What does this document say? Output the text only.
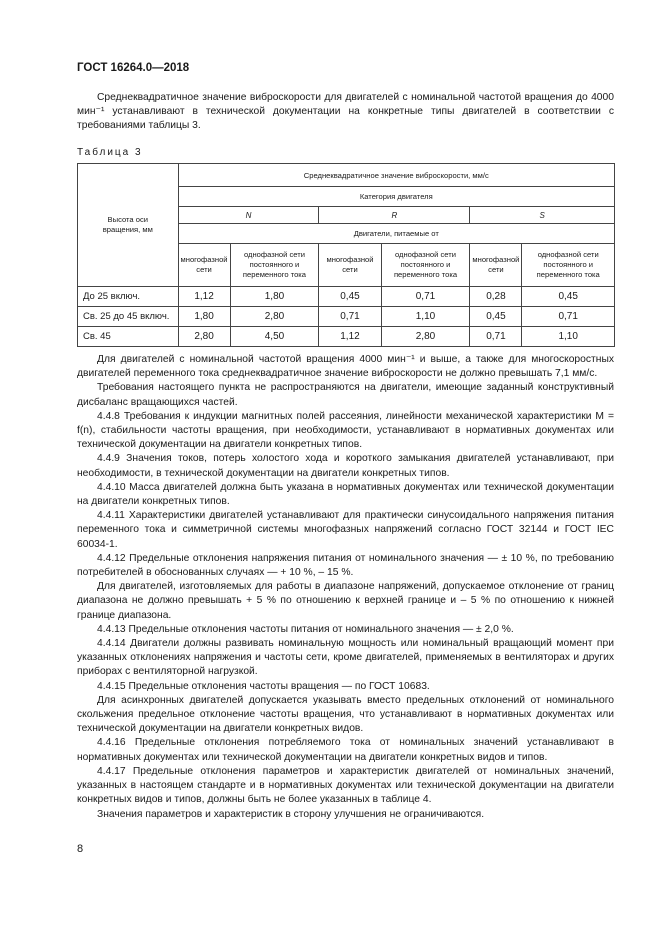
ГОСТ 16264.0—2018

Среднеквадратичное значение виброскорости для двигателей с номинальной частотой вращения до 4000 мин⁻¹ устанавливают в технической документации на конкретные типы двигателей в соответствии с требованиями таблицы 3.

Таблица 3
Высота оси вращения, мм	Среднеквадратичное значение виброскорости, мм/с					
	Категория двигателя					
	N		R		S	
	Двигатели, питаемые от					
	многофазной сети	однофазной сети постоянного и переменного тока	многофазной сети	однофазной сети постоянного и переменного тока	многофазной сети	однофазной сети постоянного и переменного тока
До 25 включ.	1,12	1,80	0,45	0,71	0,28	0,45
Св. 25 до 45 включ.	1,80	2,80	0,71	1,10	0,45	0,71
Св. 45	2,80	4,50	1,12	2,80	0,71	1,10

Для двигателей с номинальной частотой вращения 4000 мин⁻¹ и выше, а также для многоскоростных двигателей переменного тока среднеквадратичное значение виброскорости не должно превышать 7,1 мм/с.

Требования настоящего пункта не распространяются на двигатели, имеющие заданный конструктивный дисбаланс вращающихся частей.

4.4.8 Требования к индукции магнитных полей рассеяния, линейности механической характеристики M = f(n), стабильности частоты вращения, при необходимости, устанавливают в нормативных документах или технической документации на двигатели конкретных типов.

4.4.9 Значения токов, потерь холостого хода и короткого замыкания двигателей устанавливают, при необходимости, в технической документации на двигатели конкретных типов.

4.4.10 Масса двигателей должна быть указана в нормативных документах или технической документации на двигатели конкретных типов.

4.4.11 Характеристики двигателей устанавливают для практически синусоидального напряжения питания переменного тока и симметричной системы многофазных напряжений согласно ГОСТ 32144 и ГОСТ IEC 60034-1.

4.4.12 Предельные отклонения напряжения питания от номинального значения — ± 10 %, по требованию потребителей в обоснованных случаях — + 10 %, – 15 %.

Для двигателей, изготовляемых для работы в диапазоне напряжений, допускаемое отклонение от границ диапазона не должно превышать + 5 % по отношению к верхней границе и – 5 % по отношению к нижней границе диапазона.

4.4.13 Предельные отклонения частоты питания от номинального значения — ± 2,0 %.

4.4.14 Двигатели должны развивать номинальную мощность или номинальный вращающий момент при указанных отклонениях напряжения и частоты сети, кроме двигателей, применяемых в вентиляторах и других приборах с вентиляторной нагрузкой.

4.4.15 Предельные отклонения частоты вращения — по ГОСТ 10683.

Для асинхронных двигателей допускается указывать вместо предельных отклонений от номинального скольжения предельное отклонение частоты вращения, что устанавливают в нормативных документах или технической документации на двигатели конкретных видов.

4.4.16 Предельные отклонения потребляемого тока от номинальных значений устанавливают в нормативных документах или технической документации на двигатели конкретных видов и типов.

4.4.17 Предельные отклонения параметров и характеристик двигателей от номинальных значений, указанных в настоящем стандарте и в нормативных документах или технической документации на двигатели конкретных видов и типов, должны быть не более указанных в таблице 4.

Значения параметров и характеристик в сторону улучшения не ограничиваются.

8
